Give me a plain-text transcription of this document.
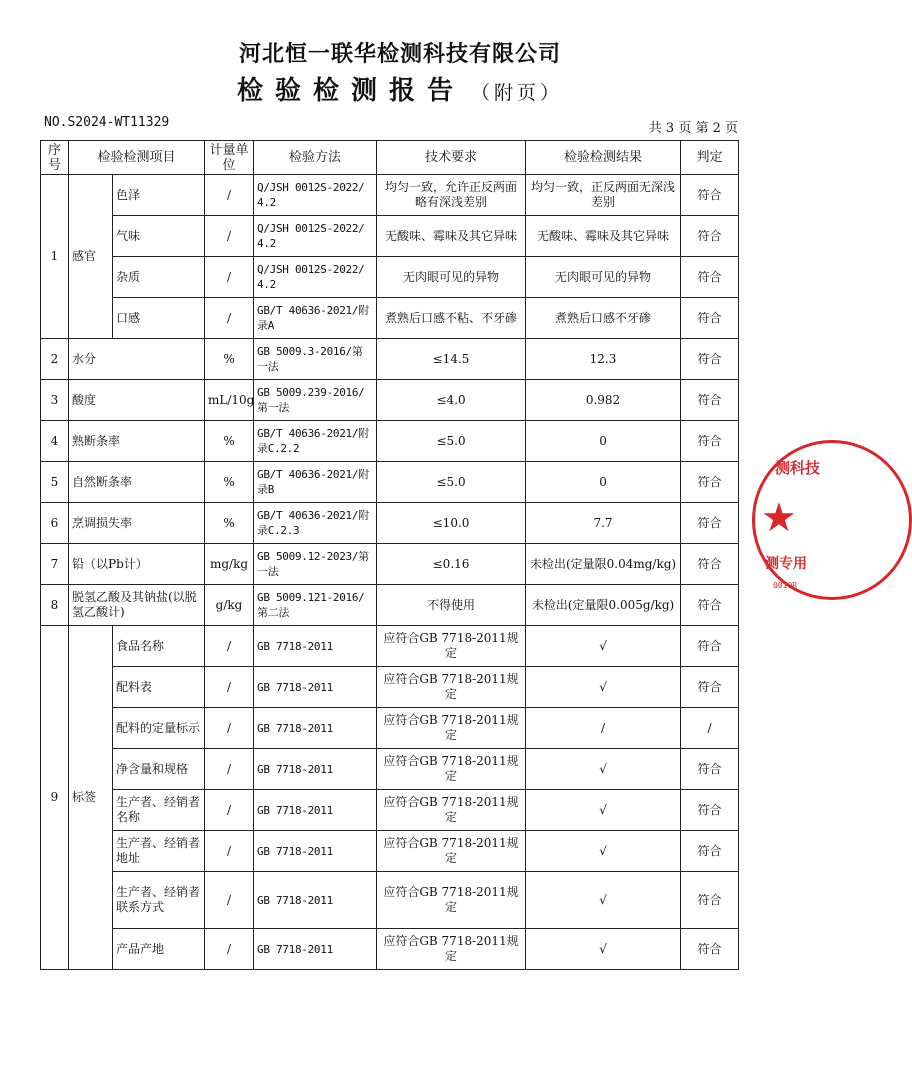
河北恒一联华检测科技有限公司
检验检测报告 （附页）
NO.S2024-WT11329	共 3 页 第 2 页
序号	检验检测项目		计量单位	检验方法	技术要求	检验检测结果	判定
1	感官	色泽	/	Q/JSH 0012S-2022/4.2	均匀一致，允许正反两面略有深浅差别	均匀一致，正反两面无深浅差别	符合
		气味	/	Q/JSH 0012S-2022/4.2	无酸味、霉味及其它异味	无酸味、霉味及其它异味	符合
		杂质	/	Q/JSH 0012S-2022/4.2	无肉眼可见的异物	无肉眼可见的异物	符合
		口感	/	GB/T 40636-2021/附录A	煮熟后口感不粘、不牙碜	煮熟后口感不牙碜	符合
2	水分		%	GB 5009.3-2016/第一法	≤14.5	12.3	符合
3	酸度		mL/10g	GB 5009.239-2016/第一法	≤4.0	0.982	符合
4	熟断条率		%	GB/T 40636-2021/附录C.2.2	≤5.0	0	符合
5	自然断条率		%	GB/T 40636-2021/附录B	≤5.0	0	符合
6	烹调损失率		%	GB/T 40636-2021/附录C.2.3	≤10.0	7.7	符合
7	铅（以Pb计）		mg/kg	GB 5009.12-2023/第一法	≤0.16	未检出(定量限0.04mg/kg)	符合
8	脱氢乙酸及其钠盐(以脱氢乙酸计)		g/kg	GB 5009.121-2016/第二法	不得使用	未检出(定量限0.005g/kg)	符合
9	标签	食品名称	/	GB 7718-2011	应符合GB 7718-2011规定	√	符合
		配料表	/	GB 7718-2011	应符合GB 7718-2011规定	√	符合
		配料的定量标示	/	GB 7718-2011	应符合GB 7718-2011规定	/	/
		净含量和规格	/	GB 7718-2011	应符合GB 7718-2011规定	√	符合
		生产者、经销者名称	/	GB 7718-2011	应符合GB 7718-2011规定	√	符合
		生产者、经销者地址	/	GB 7718-2011	应符合GB 7718-2011规定	√	符合
		生产者、经销者联系方式	/	GB 7718-2011	应符合GB 7718-2011规定	√	符合
		产品产地	/	GB 7718-2011	应符合GB 7718-2011规定	√	符合
测科技
★
测专用
0010R
